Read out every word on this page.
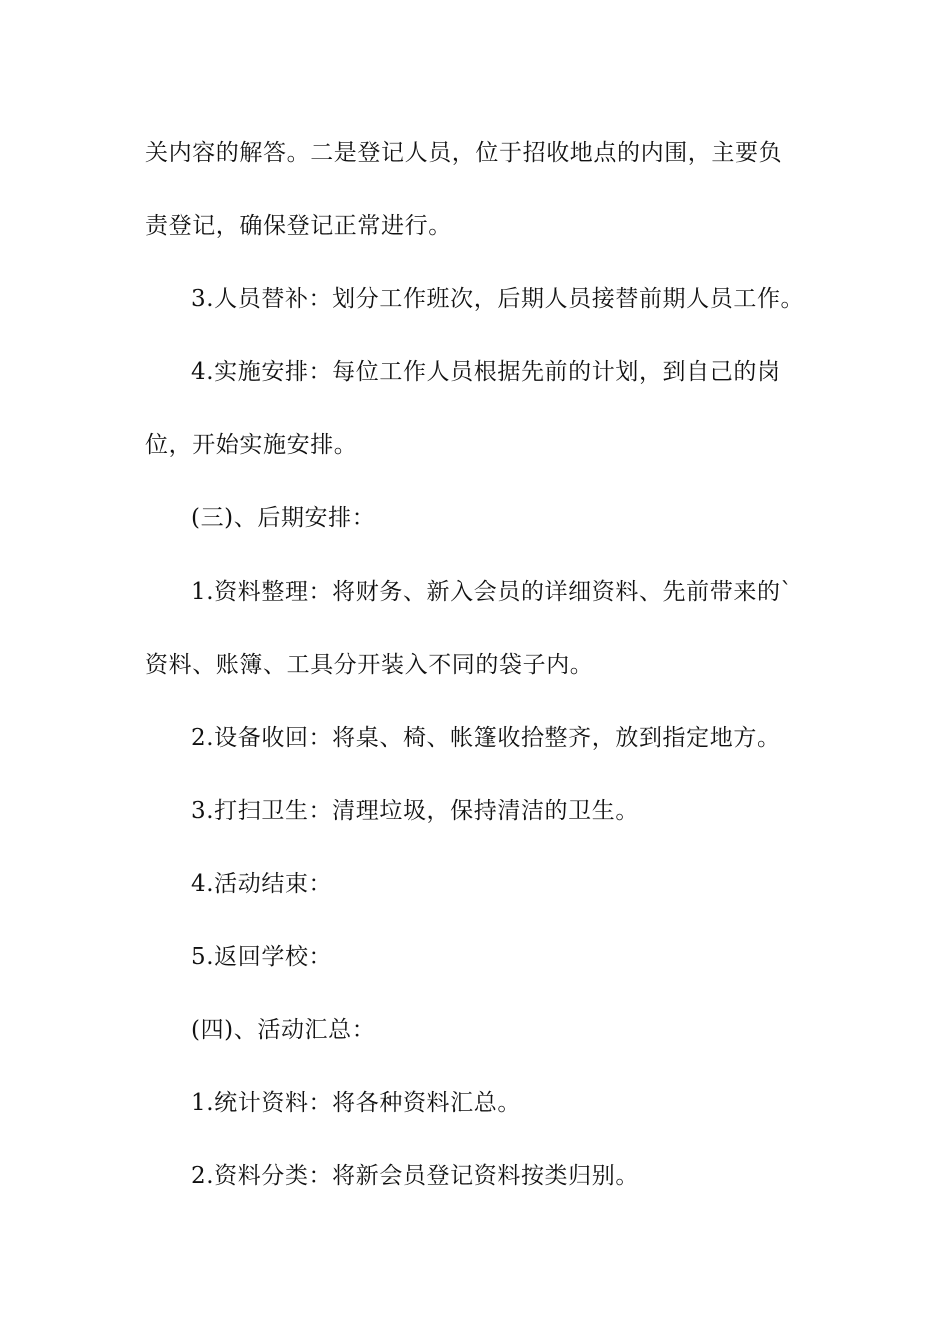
关内容的解答。二是登记人员，位于招收地点的内围，主要负
责登记，确保登记正常进行。
3.人员替补：划分工作班次，后期人员接替前期人员工作。
4.实施安排：每位工作人员根据先前的计划，到自己的岗
位，开始实施安排。
(三)、后期安排：
1.资料整理：将财务、新入会员的详细资料、先前带来的`
资料、账簿、工具分开装入不同的袋子内。
2.设备收回：将桌、椅、帐篷收拾整齐，放到指定地方。
3.打扫卫生：清理垃圾，保持清洁的卫生。
4.活动结束：
5.返回学校：
(四)、活动汇总：
1.统计资料：将各种资料汇总。
2.资料分类：将新会员登记资料按类归别。
